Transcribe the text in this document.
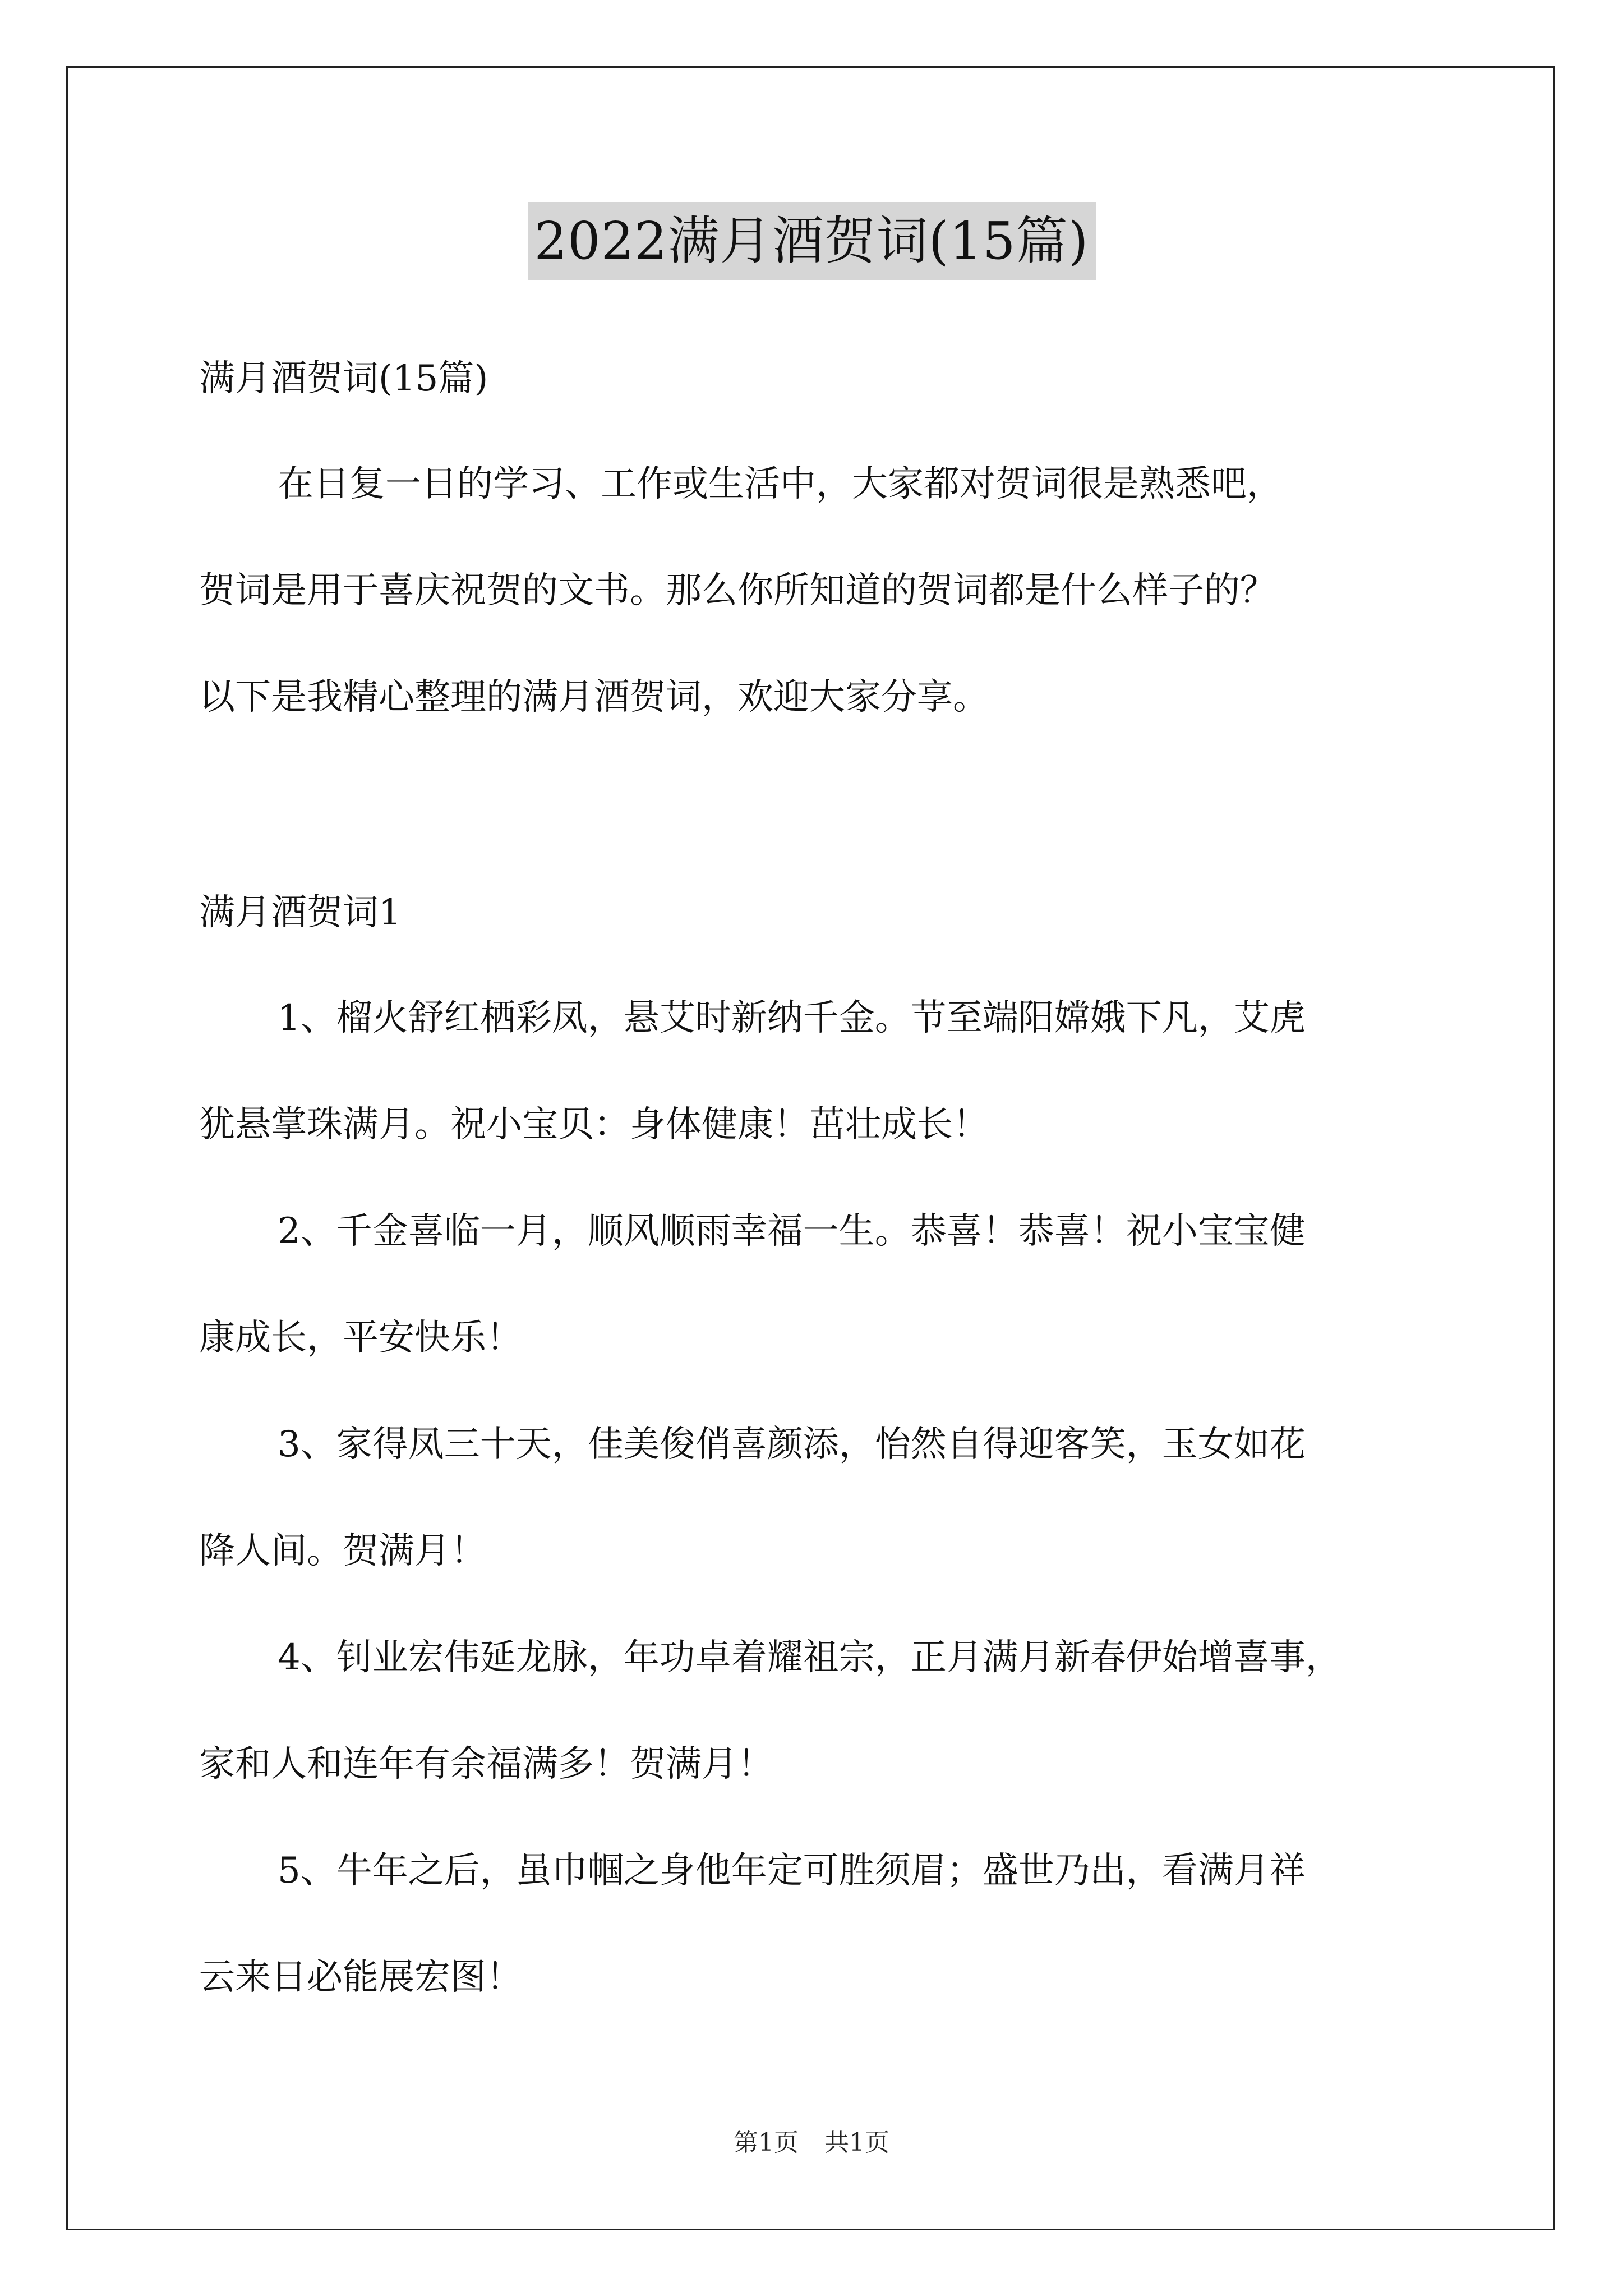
2022满月酒贺词(15篇)
满月酒贺词(15篇)
在日复一日的学习、工作或生活中，大家都对贺词很是熟悉吧，
贺词是用于喜庆祝贺的文书。那么你所知道的贺词都是什么样子的？
以下是我精心整理的满月酒贺词，欢迎大家分享。
满月酒贺词1
1、榴火舒红栖彩凤，悬艾时新纳千金。节至端阳嫦娥下凡，艾虎
犹悬掌珠满月。祝小宝贝：身体健康！茁壮成长！
2、千金喜临一月，顺风顺雨幸福一生。恭喜！恭喜！祝小宝宝健
康成长，平安快乐！
3、家得凤三十天，佳美俊俏喜颜添，怡然自得迎客笑，玉女如花
降人间。贺满月！
4、钊业宏伟延龙脉，年功卓着耀祖宗，正月满月新春伊始增喜事，
家和人和连年有余福满多！贺满月！
5、牛年之后，虽巾帼之身他年定可胜须眉；盛世乃出，看满月祥
云来日必能展宏图！
第1页 共1页
